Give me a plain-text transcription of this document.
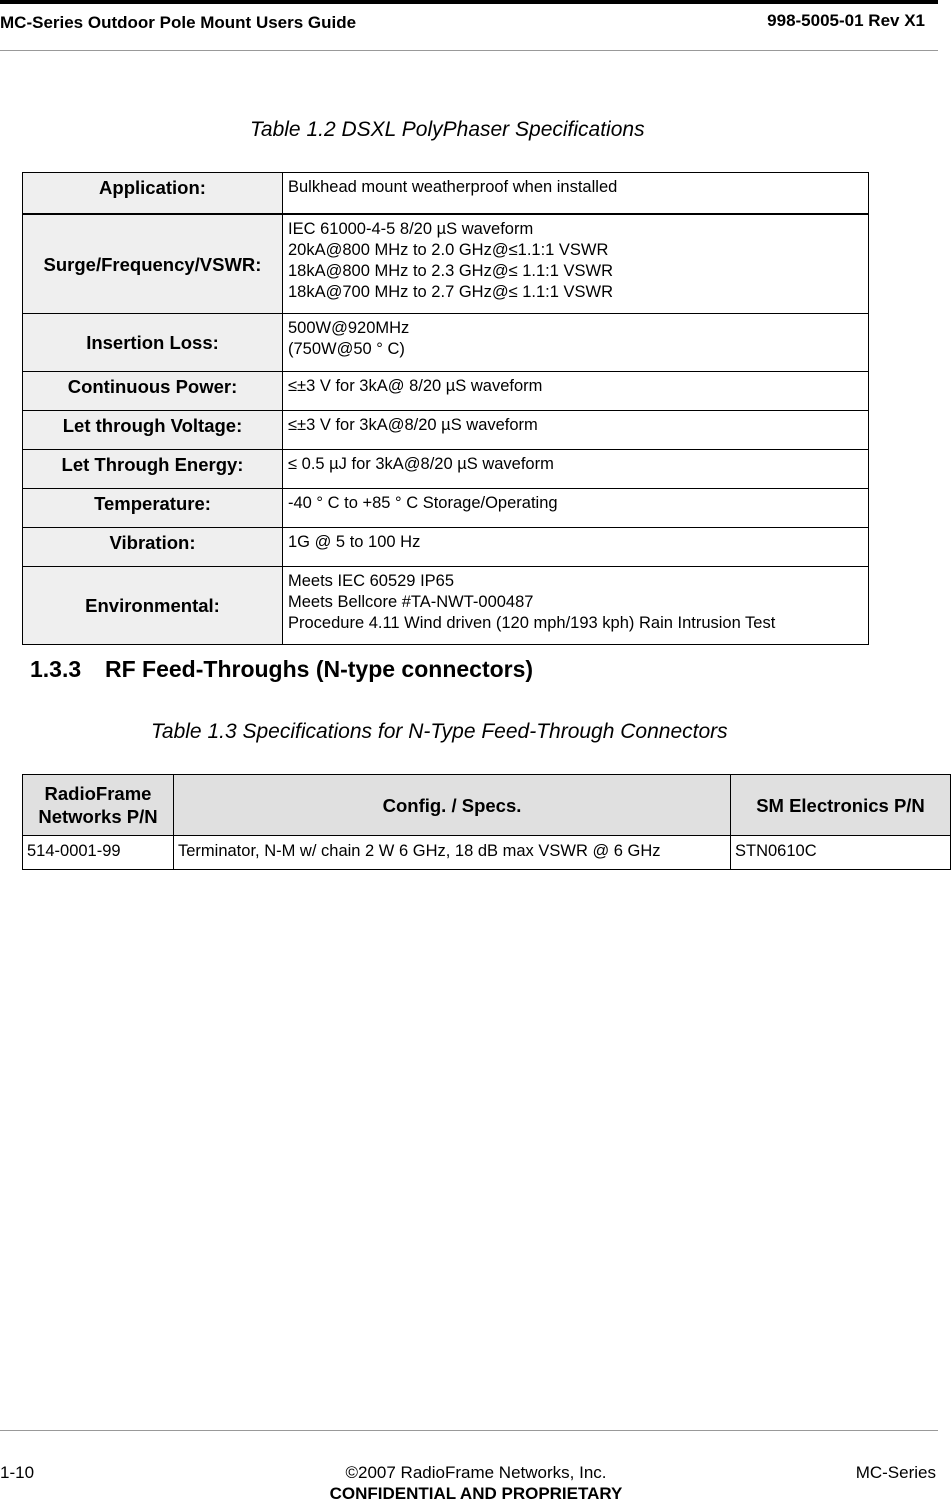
MC-Series Outdoor Pole Mount Users Guide	998-5005-01 Rev X1
Table 1.2 DSXL PolyPhaser Specifications
Application:	Bulkhead mount weatherproof when installed

Surge/Frequency/VSWR:	IEC 61000-4-5 8/20 µS waveform
20kA@800 MHz to 2.0 GHz@≤1.1:1 VSWR
18kA@800 MHz to 2.3 GHz@≤ 1.1:1 VSWR
18kA@700 MHz to 2.7 GHz@≤ 1.1:1 VSWR

Insertion Loss:	500W@920MHz
(750W@50 ° C)

Continuous Power:	≤±3 V for 3kA@ 8/20 µS waveform

Let through Voltage:	≤±3 V for 3kA@8/20 µS waveform

Let Through Energy:	≤ 0.5 µJ for 3kA@8/20 µS waveform

Temperature:	-40 ° C to +85 ° C Storage/Operating

Vibration:	1G @ 5 to 100 Hz

Environmental:	Meets IEC 60529 IP65
Meets Bellcore #TA-NWT-000487
Procedure 4.11 Wind driven (120 mph/193 kph) Rain Intrusion Test
1.3.3 RF Feed-Throughs (N-type connectors)
Table 1.3 Specifications for N-Type Feed-Through Connectors
RadioFrame Networks P/N	Config. / Specs.	SM Electronics P/N
514-0001-99	Terminator, N-M w/ chain 2 W 6 GHz, 18 dB max VSWR @ 6 GHz	STN0610C
1-10	©2007 RadioFrame Networks, Inc.	MC-Series
CONFIDENTIAL AND PROPRIETARY
